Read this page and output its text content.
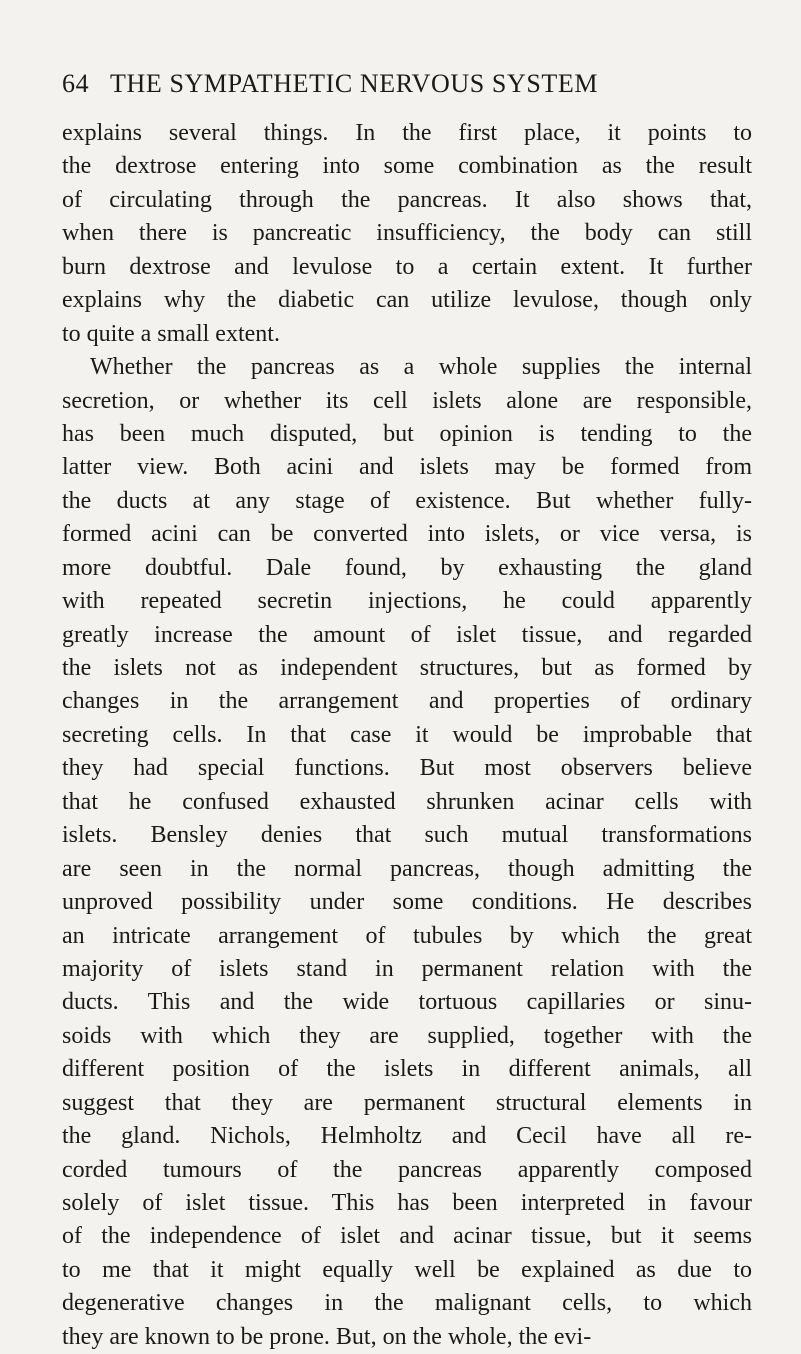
64 THE SYMPATHETIC NERVOUS SYSTEM
explains several things. In the first place, it points to
the dextrose entering into some combination as the result
of circulating through the pancreas. It also shows that,
when there is pancreatic insufficiency, the body can still
burn dextrose and levulose to a certain extent. It further
explains why the diabetic can utilize levulose, though only
to quite a small extent.
Whether the pancreas as a whole supplies the internal
secretion, or whether its cell islets alone are responsible,
has been much disputed, but opinion is tending to the
latter view. Both acini and islets may be formed from
the ducts at any stage of existence. But whether fully-
formed acini can be converted into islets, or vice versa, is
more doubtful. Dale found, by exhausting the gland
with repeated secretin injections, he could apparently
greatly increase the amount of islet tissue, and regarded
the islets not as independent structures, but as formed by
changes in the arrangement and properties of ordinary
secreting cells. In that case it would be improbable that
they had special functions. But most observers believe
that he confused exhausted shrunken acinar cells with
islets. Bensley denies that such mutual transformations
are seen in the normal pancreas, though admitting the
unproved possibility under some conditions. He describes
an intricate arrangement of tubules by which the great
majority of islets stand in permanent relation with the
ducts. This and the wide tortuous capillaries or sinu-
soids with which they are supplied, together with the
different position of the islets in different animals, all
suggest that they are permanent structural elements in
the gland. Nichols, Helmholtz and Cecil have all re-
corded tumours of the pancreas apparently composed
solely of islet tissue. This has been interpreted in favour
of the independence of islet and acinar tissue, but it seems
to me that it might equally well be explained as due to
degenerative changes in the malignant cells, to which
they are known to be prone. But, on the whole, the evi-
